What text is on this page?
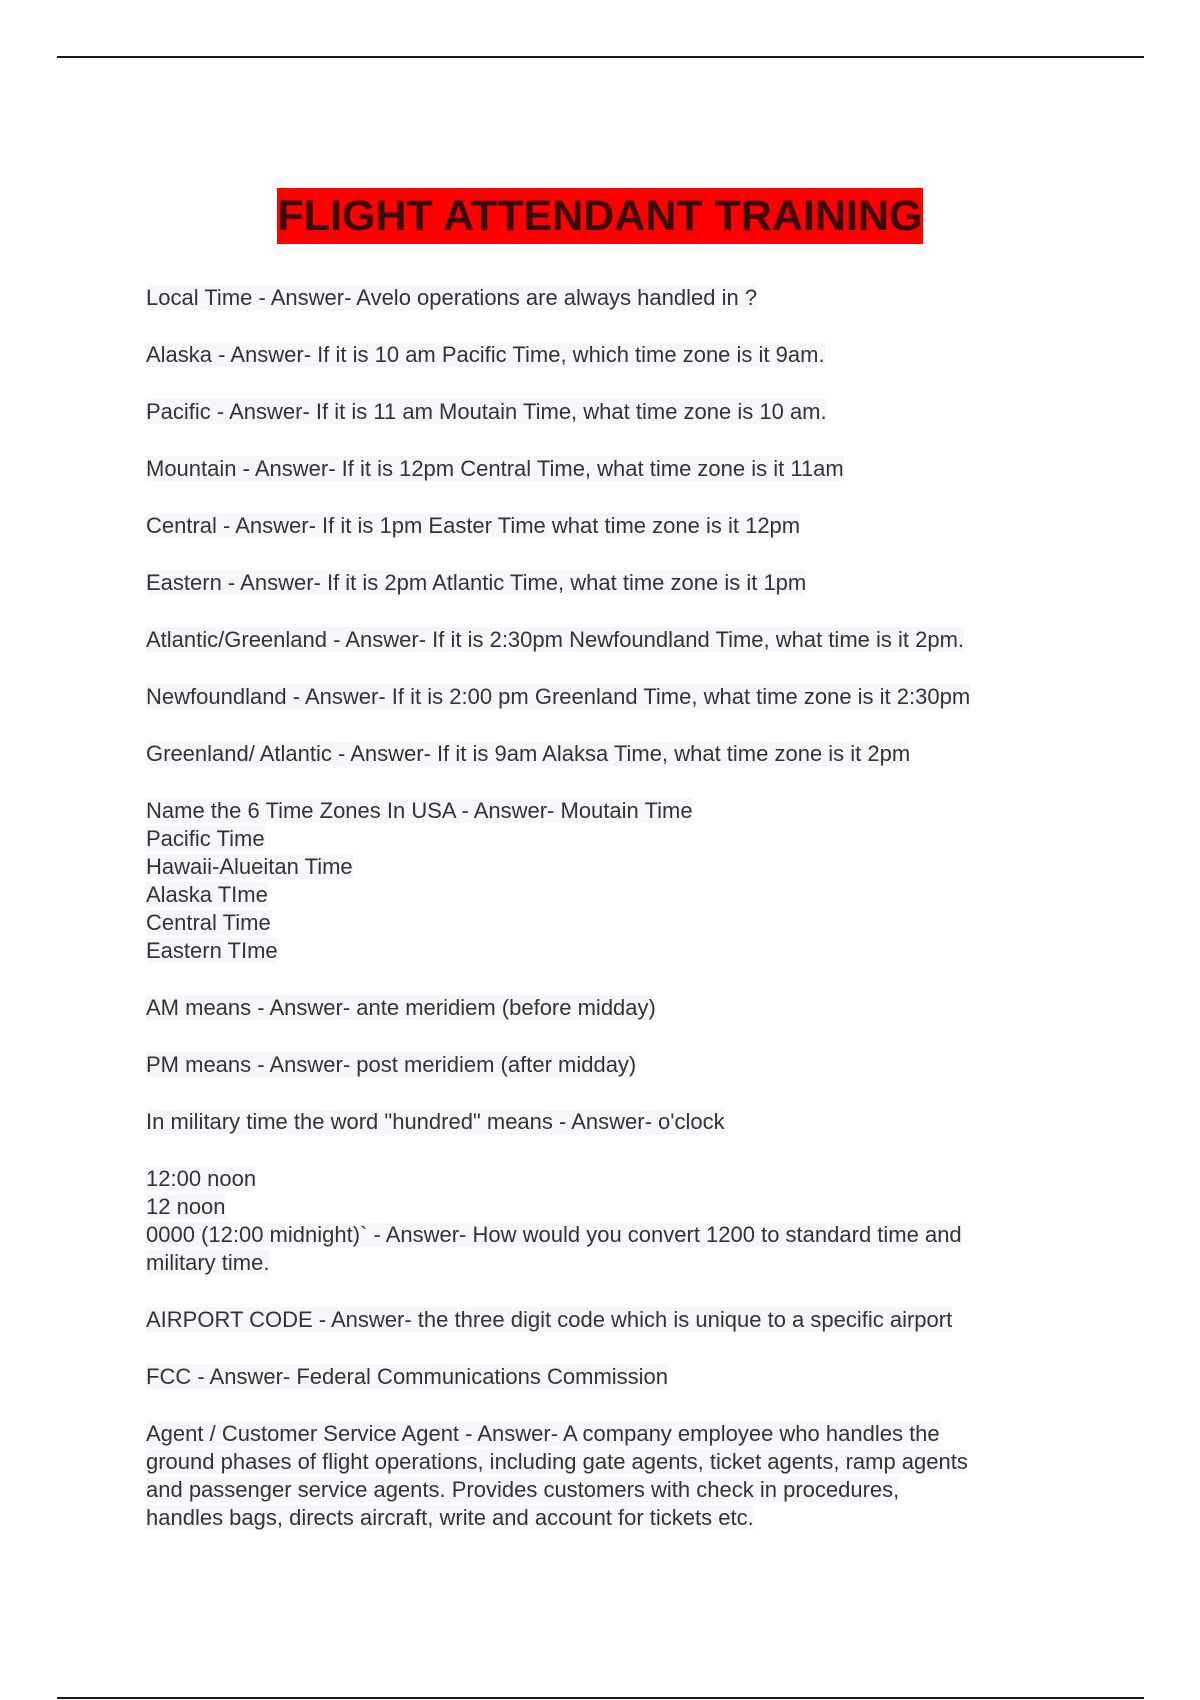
FLIGHT ATTENDANT TRAINING

Local Time - Answer- Avelo operations are always handled in ?

Alaska - Answer- If it is 10 am Pacific Time, which time zone is it 9am.

Pacific - Answer- If it is 11 am Moutain Time, what time zone is 10 am.

Mountain - Answer- If it is 12pm Central Time, what time zone is it 11am

Central - Answer- If it is 1pm Easter Time what time zone is it 12pm

Eastern - Answer- If it is 2pm Atlantic Time, what time zone is it 1pm

Atlantic/Greenland - Answer- If it is 2:30pm Newfoundland Time, what time is it 2pm.

Newfoundland - Answer- If it is 2:00 pm Greenland Time, what time zone is it 2:30pm

Greenland/ Atlantic - Answer- If it is 9am Alaksa Time, what time zone is it 2pm

Name the 6 Time Zones In USA - Answer- Moutain Time
Pacific Time
Hawaii-Alueitan Time
Alaska TIme
Central Time
Eastern TIme

AM means - Answer- ante meridiem (before midday)

PM means - Answer- post meridiem (after midday)

In military time the word "hundred" means - Answer- o'clock

12:00 noon
12 noon
0000 (12:00 midnight)` - Answer- How would you convert 1200 to standard time and
military time.

AIRPORT CODE - Answer- the three digit code which is unique to a specific airport

FCC - Answer- Federal Communications Commission

Agent / Customer Service Agent - Answer- A company employee who handles the
ground phases of flight operations, including gate agents, ticket agents, ramp agents
and passenger service agents. Provides customers with check in procedures,
handles bags, directs aircraft, write and account for tickets etc.
